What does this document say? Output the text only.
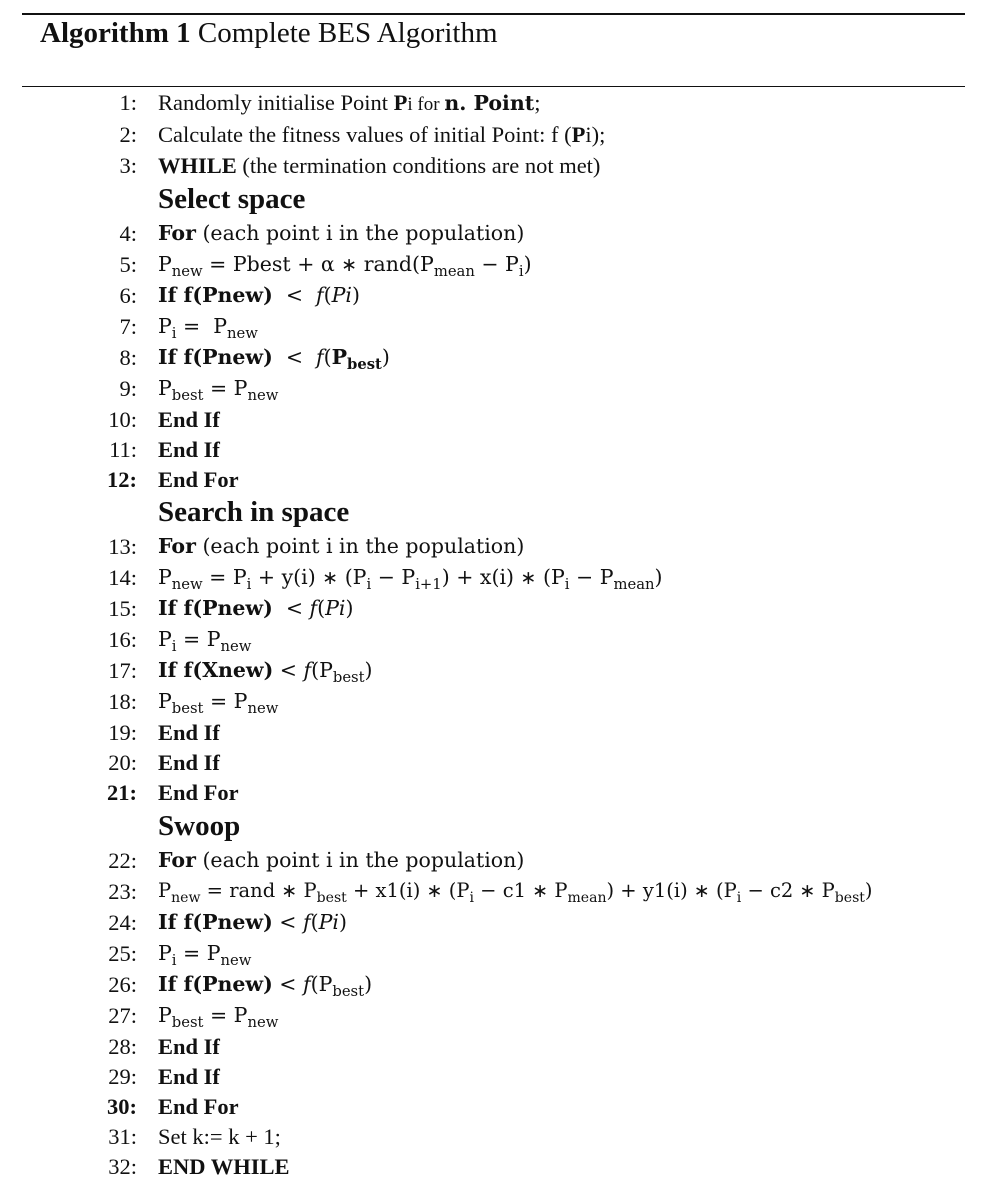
Algorithm 1 Complete BES Algorithm
1: Randomly initialise Point Pi for n. Point;
2: Calculate the fitness values of initial Point: f (Pi);
3: WHILE (the termination conditions are not met)
Select space
4: For (each point i in the population)
5: $P_{new}$ = Pbest + α ∗ $rand(P_{mean} - P_i)$
6: If f(Pnew)  <  f(Pi)
7: $P_i = P_{new}$
8: If f(Pnew)  <  $f(P_{best})$
9: $P_{best} = P_{new}$
10: End If
11: End If
12: End For
Search in space
13: For (each point i in the population)
14: $P_{new} = P_i + y(i)$ ∗ $(P_i - P_{i+1}) + x(i)$ ∗ $(P_i - P_{mean})$
15: If f(Pnew)  < f(Pi)
16: $P_i = P_{new}$
17: If f(Xnew) < $f(P_{best})$
18: $P_{best} = P_{new}$
19: End If
20: End If
21: End For
Swoop
22: For (each point i in the population)
23: $P_{new}$ = rand ∗ $P_{best} + x1(i)$ ∗ ($P_i - c1$ ∗ $P_{mean}) + y1(i)$ ∗ ($P_i - c2$ ∗ $P_{best}$)
24: If f(Pnew) < f(Pi)
25: $P_i = P_{new}$
26: If f(Pnew) < $f(P_{best})$
27: $P_{best} = P_{new}$
28: End If
29: End If
30: End For
31: Set k:= k + 1;
32: END WHILE
